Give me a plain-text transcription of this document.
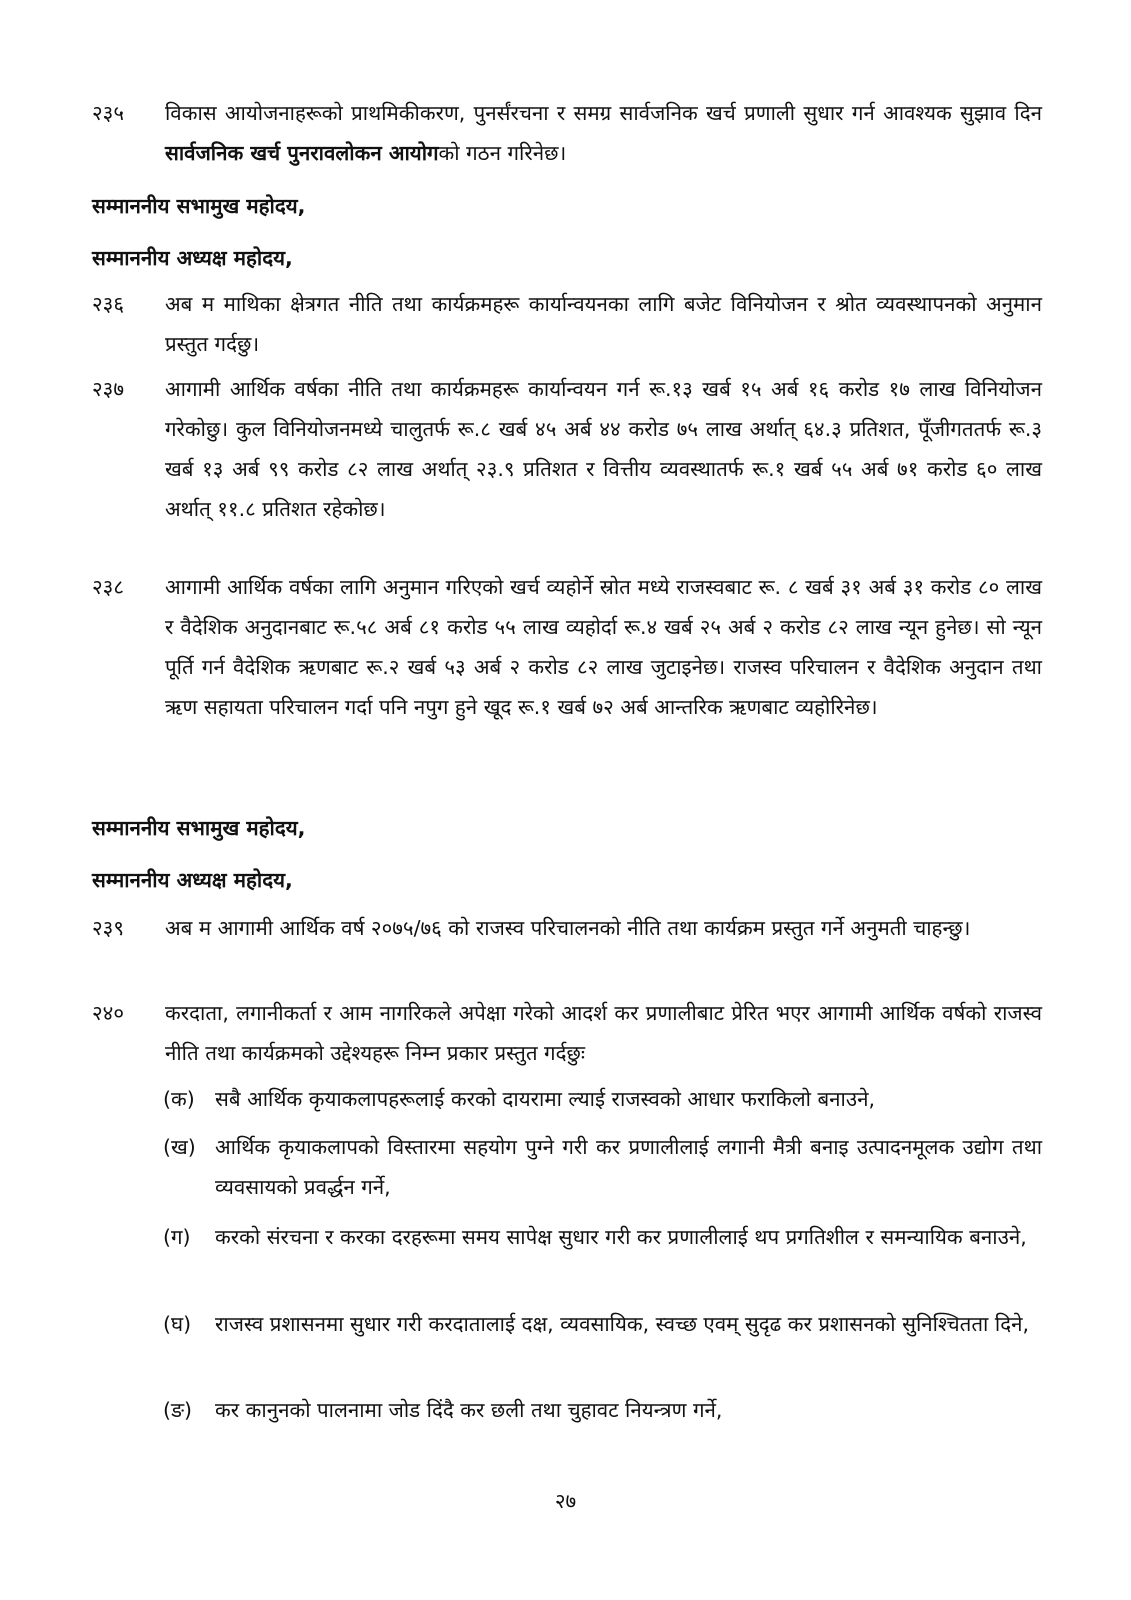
२३५	विकास आयोजनाहरूको प्राथमिकीकरण, पुनर्संरचना र समग्र सार्वजनिक खर्च प्रणाली सुधार गर्न आवश्यक सुझाव दिन सार्वजनिक खर्च पुनरावलोकन आयोगको गठन गरिनेछ।
सम्माननीय सभामुख महोदय,
सम्माननीय अध्यक्ष महोदय,
२३६	अब म माथिका क्षेत्रगत नीति तथा कार्यक्रमहरू कार्यान्वयनका लागि बजेट विनियोजन र श्रोत व्यवस्थापनको अनुमान प्रस्तुत गर्दछु।
२३७	आगामी आर्थिक वर्षका नीति तथा कार्यक्रमहरू कार्यान्वयन गर्न रू.१३ खर्ब १५ अर्ब १६ करोड १७ लाख विनियोजन गरेकोछु। कुल विनियोजनमध्ये चालुतर्फ रू.८ खर्ब ४५ अर्ब ४४ करोड ७५ लाख अर्थात् ६४.३ प्रतिशत, पूँजीगततर्फ रू.३ खर्ब १३ अर्ब ९९ करोड ८२ लाख अर्थात् २३.९ प्रतिशत र वित्तीय व्यवस्थातर्फ रू.१ खर्ब ५५ अर्ब ७१ करोड ६० लाख अर्थात् ११.८ प्रतिशत रहेकोछ।
२३८	आगामी आर्थिक वर्षका लागि अनुमान गरिएको खर्च व्यहोर्ने स्रोत मध्ये राजस्वबाट रू. ८ खर्ब ३१ अर्ब ३१ करोड ८० लाख र वैदेशिक अनुदानबाट रू.५८ अर्ब ८१ करोड ५५ लाख व्यहोर्दा रू.४ खर्ब २५ अर्ब २ करोड ८२ लाख न्यून हुनेछ। सो न्यून पूर्ति गर्न वैदेशिक ऋणबाट रू.२ खर्ब ५३ अर्ब २ करोड ८२ लाख जुटाइनेछ। राजस्व परिचालन र वैदेशिक अनुदान तथा ऋण सहायता परिचालन गर्दा पनि नपुग हुने खूद रू.१ खर्ब ७२ अर्ब आन्तरिक ऋणबाट व्यहोरिनेछ।
सम्माननीय सभामुख महोदय,
सम्माननीय अध्यक्ष महोदय,
२३९	अब म आगामी आर्थिक वर्ष २०७५/७६ को राजस्व परिचालनको नीति तथा कार्यक्रम प्रस्तुत गर्ने अनुमती चाहन्छु।
२४०	करदाता, लगानीकर्ता र आम नागरिकले अपेक्षा गरेको आदर्श कर प्रणालीबाट प्रेरित भएर आगामी आर्थिक वर्षको राजस्व नीति तथा कार्यक्रमको उद्देश्यहरू निम्न प्रकार प्रस्तुत गर्दछुः
(क) सबै आर्थिक कृयाकलापहरूलाई करको दायरामा ल्याई राजस्वको आधार फराकिलो बनाउने,
(ख) आर्थिक कृयाकलापको विस्तारमा सहयोग पुग्ने गरी कर प्रणालीलाई लगानी मैत्री बनाइ उत्पादनमूलक उद्योग तथा व्यवसायको प्रवर्द्धन गर्ने,
(ग)	करको संरचना र करका दरहरूमा समय सापेक्ष सुधार गरी कर प्रणालीलाई थप प्रगतिशील र समन्यायिक बनाउने,
(घ)	राजस्व प्रशासनमा सुधार गरी करदातालाई दक्ष, व्यवसायिक, स्वच्छ एवम् सुदृढ कर प्रशासनको सुनिश्चितता दिने,
(ङ)	कर कानुनको पालनामा जोड दिंदै कर छली तथा चुहावट नियन्त्रण गर्ने,
२७
